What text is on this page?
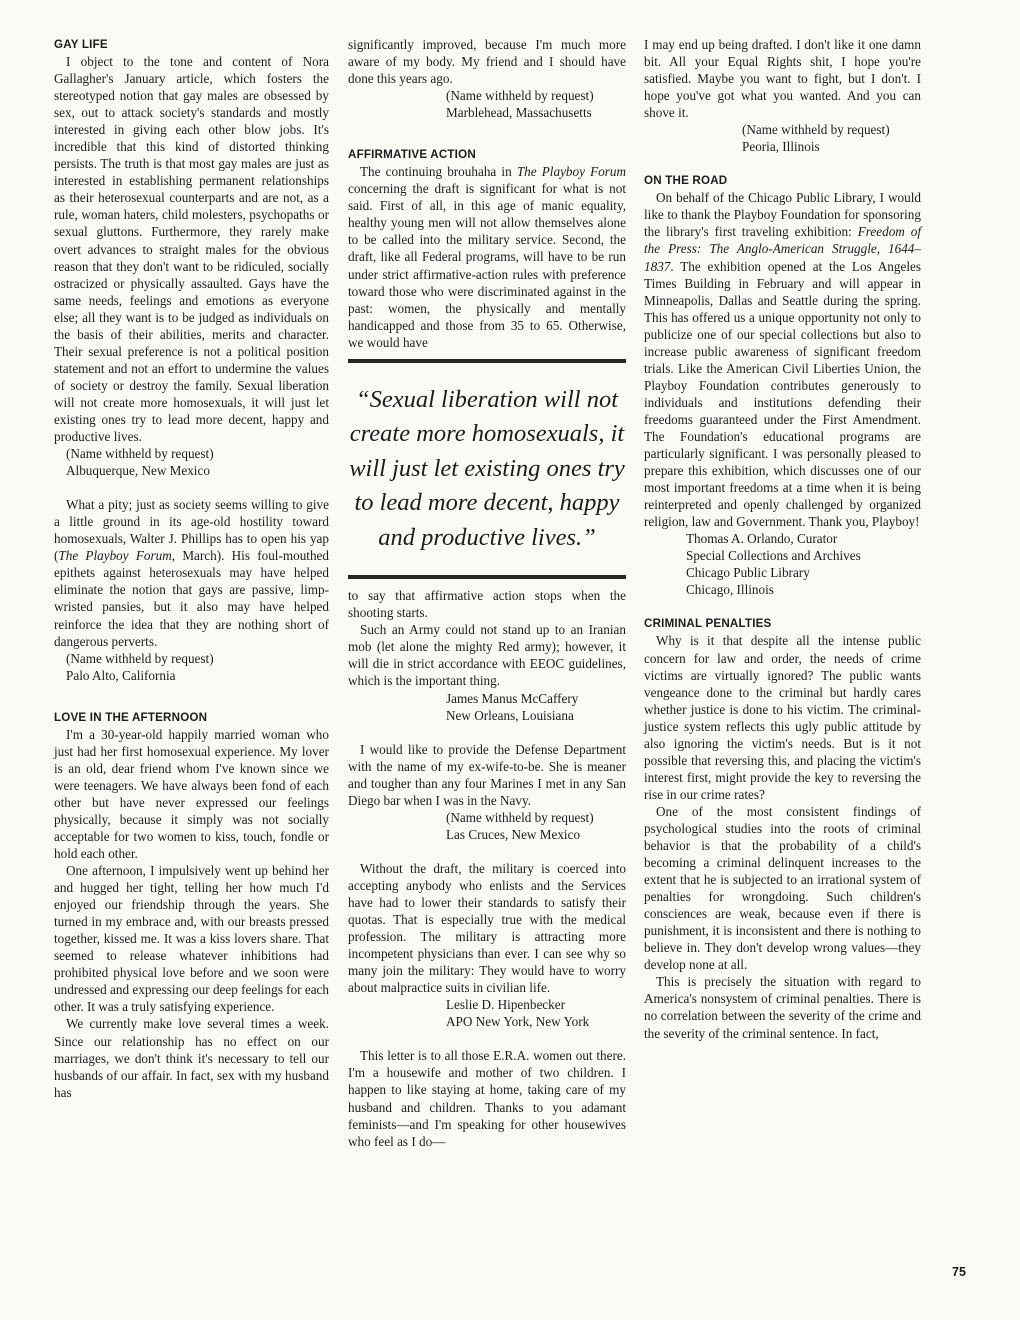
GAY LIFE

I object to the tone and content of Nora Gallagher's January article, which fosters the stereotyped notion that gay males are obsessed by sex, out to attack society's standards and mostly interested in giving each other blow jobs. It's incredible that this kind of distorted thinking persists. The truth is that most gay males are just as interested in establishing permanent relationships as their heterosexual counterparts and are not, as a rule, woman haters, child molesters, psychopaths or sexual gluttons. Furthermore, they rarely make overt advances to straight males for the obvious reason that they don't want to be ridiculed, socially ostracized or physically assaulted. Gays have the same needs, feelings and emotions as everyone else; all they want is to be judged as individuals on the basis of their abilities, merits and character. Their sexual preference is not a political position statement and not an effort to undermine the values of society or destroy the family. Sexual liberation will not create more homosexuals, it will just let existing ones try to lead more decent, happy and productive lives.

(Name withheld by request)

Albuquerque, New Mexico

What a pity; just as society seems willing to give a little ground in its age-old hostility toward homosexuals, Walter J. Phillips has to open his yap (The Playboy Forum, March). His foul-mouthed epithets against heterosexuals may have helped eliminate the notion that gays are passive, limp-wristed pansies, but it also may have helped reinforce the idea that they are nothing short of dangerous perverts.

(Name withheld by request)

Palo Alto, California

LOVE IN THE AFTERNOON

I'm a 30-year-old happily married woman who just had her first homosexual experience. My lover is an old, dear friend whom I've known since we were teenagers. We have always been fond of each other but have never expressed our feelings physically, because it simply was not socially acceptable for two women to kiss, touch, fondle or hold each other.

One afternoon, I impulsively went up behind her and hugged her tight, telling her how much I'd enjoyed our friendship through the years. She turned in my embrace and, with our breasts pressed together, kissed me. It was a kiss lovers share. That seemed to release whatever inhibitions had prohibited physical love before and we soon were undressed and expressing our deep feelings for each other. It was a truly satisfying experience.

We currently make love several times a week. Since our relationship has no effect on our marriages, we don't think it's necessary to tell our husbands of our affair. In fact, sex with my husband has

significantly improved, because I'm much more aware of my body. My friend and I should have done this years ago.

(Name withheld by request)

Marblehead, Massachusetts

AFFIRMATIVE ACTION

The continuing brouhaha in The Playboy Forum concerning the draft is significant for what is not said. First of all, in this age of manic equality, healthy young men will not allow themselves alone to be called into the military service. Second, the draft, like all Federal programs, will have to be run under strict affirmative-action rules with preference toward those who were discriminated against in the past: women, the physically and mentally handicapped and those from 35 to 65. Otherwise, we would have

“Sexual liberation will not create more homosexuals, it will just let existing ones try to lead more decent, happy and productive lives.”

to say that affirmative action stops when the shooting starts.

Such an Army could not stand up to an Iranian mob (let alone the mighty Red army); however, it will die in strict accordance with EEOC guidelines, which is the important thing.

James Manus McCaffery

New Orleans, Louisiana

I would like to provide the Defense Department with the name of my ex-wife-to-be. She is meaner and tougher than any four Marines I met in any San Diego bar when I was in the Navy.

(Name withheld by request)

Las Cruces, New Mexico

Without the draft, the military is coerced into accepting anybody who enlists and the Services have had to lower their standards to satisfy their quotas. That is especially true with the medical profession. The military is attracting more incompetent physicians than ever. I can see why so many join the military: They would have to worry about malpractice suits in civilian life.

Leslie D. Hipenbecker

APO New York, New York

This letter is to all those E.R.A. women out there. I'm a housewife and mother of two children. I happen to like staying at home, taking care of my husband and children. Thanks to you adamant feminists—and I'm speaking for other housewives who feel as I do—

I may end up being drafted. I don't like it one damn bit. All your Equal Rights shit, I hope you're satisfied. Maybe you want to fight, but I don't. I hope you've got what you wanted. And you can shove it.

(Name withheld by request)

Peoria, Illinois

ON THE ROAD

On behalf of the Chicago Public Library, I would like to thank the Playboy Foundation for sponsoring the library's first traveling exhibition: Freedom of the Press: The Anglo-American Struggle, 1644–1837. The exhibition opened at the Los Angeles Times Building in February and will appear in Minneapolis, Dallas and Seattle during the spring. This has offered us a unique opportunity not only to publicize one of our special collections but also to increase public awareness of significant freedom trials. Like the American Civil Liberties Union, the Playboy Foundation contributes generously to individuals and institutions defending their freedoms guaranteed under the First Amendment. The Foundation's educational programs are particularly significant. I was personally pleased to prepare this exhibition, which discusses one of our most important freedoms at a time when it is being reinterpreted and openly challenged by organized religion, law and Government. Thank you, Playboy!

Thomas A. Orlando, Curator

Special Collections and Archives

Chicago Public Library

Chicago, Illinois

CRIMINAL PENALTIES

Why is it that despite all the intense public concern for law and order, the needs of crime victims are virtually ignored? The public wants vengeance done to the criminal but hardly cares whether justice is done to his victim. The criminal-justice system reflects this ugly public attitude by also ignoring the victim's needs. But is it not possible that reversing this, and placing the victim's interest first, might provide the key to reversing the rise in our crime rates?

One of the most consistent findings of psychological studies into the roots of criminal behavior is that the probability of a child's becoming a criminal delinquent increases to the extent that he is subjected to an irrational system of penalties for wrongdoing. Such children's consciences are weak, because even if there is punishment, it is inconsistent and there is nothing to believe in. They don't develop wrong values—they develop none at all.

This is precisely the situation with regard to America's nonsystem of criminal penalties. There is no correlation between the severity of the crime and the severity of the criminal sentence. In fact,

75
